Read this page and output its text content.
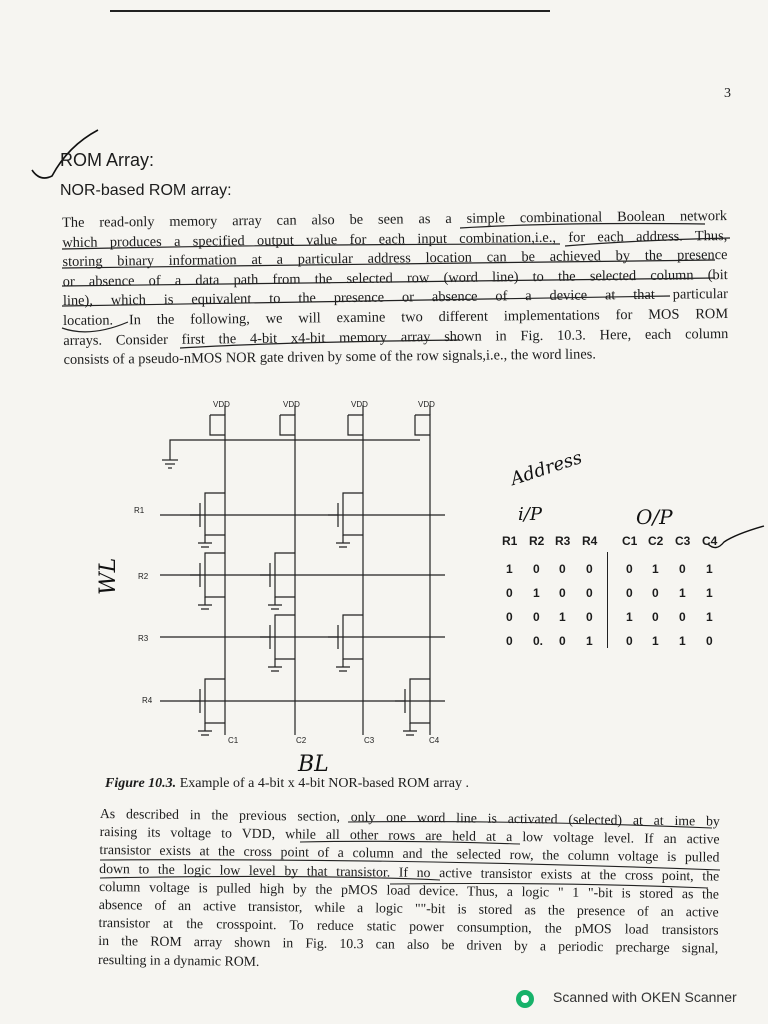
3
ROM Array:
NOR-based ROM array:
The read-only memory array can also be seen as a simple combinational Boolean network
which produces a specified output value for each input combination,i.e., for each address. Thus,
storing binary information at a particular address location can be achieved by the presence
or absence of a data path from the selected row (word line) to the selected column (bit
line), which is equivalent to the presence or absence of a device at that particular
location. In the following, we will examine two different implementations for MOS ROM
arrays. Consider first the 4-bit x4-bit memory array shown in Fig. 10.3. Here, each column
consists of a pseudo-nMOS NOR gate driven by some of the row signals,i.e., the word lines.
VDD	VDD	VDD	VDD
R1
R2
R3
R4
C1	C2	C3	C4
Address
i/P	O/P
WL
BL
R1 R2 R3 R4 C1 C2 C3 C4
1 0 0 0	0 1 0 1
0 1 0 0	0 0 1 1
0 0 1 0	1 0 0 1
0 0. 0 1	0 1 1 0
Figure 10.3. Example of a 4-bit x 4-bit NOR-based ROM array .
As described in the previous section, only one word line is activated (selected) at at ime by
raising its voltage to VDD, while all other rows are held at a low voltage level. If an active
transistor exists at the cross point of a column and the selected row, the column voltage is pulled
down to the logic low level by that transistor. If no active transistor exists at the cross point, the
column voltage is pulled high by the pMOS load device. Thus, a logic " 1 "-bit is stored as the
absence of an active transistor, while a logic ""-bit is stored as the presence of an active
transistor at the crosspoint. To reduce static power consumption, the pMOS load transistors
in the ROM array shown in Fig. 10.3 can also be driven by a periodic precharge signal,
resulting in a dynamic ROM.
Scanned with OKEN Scanner
